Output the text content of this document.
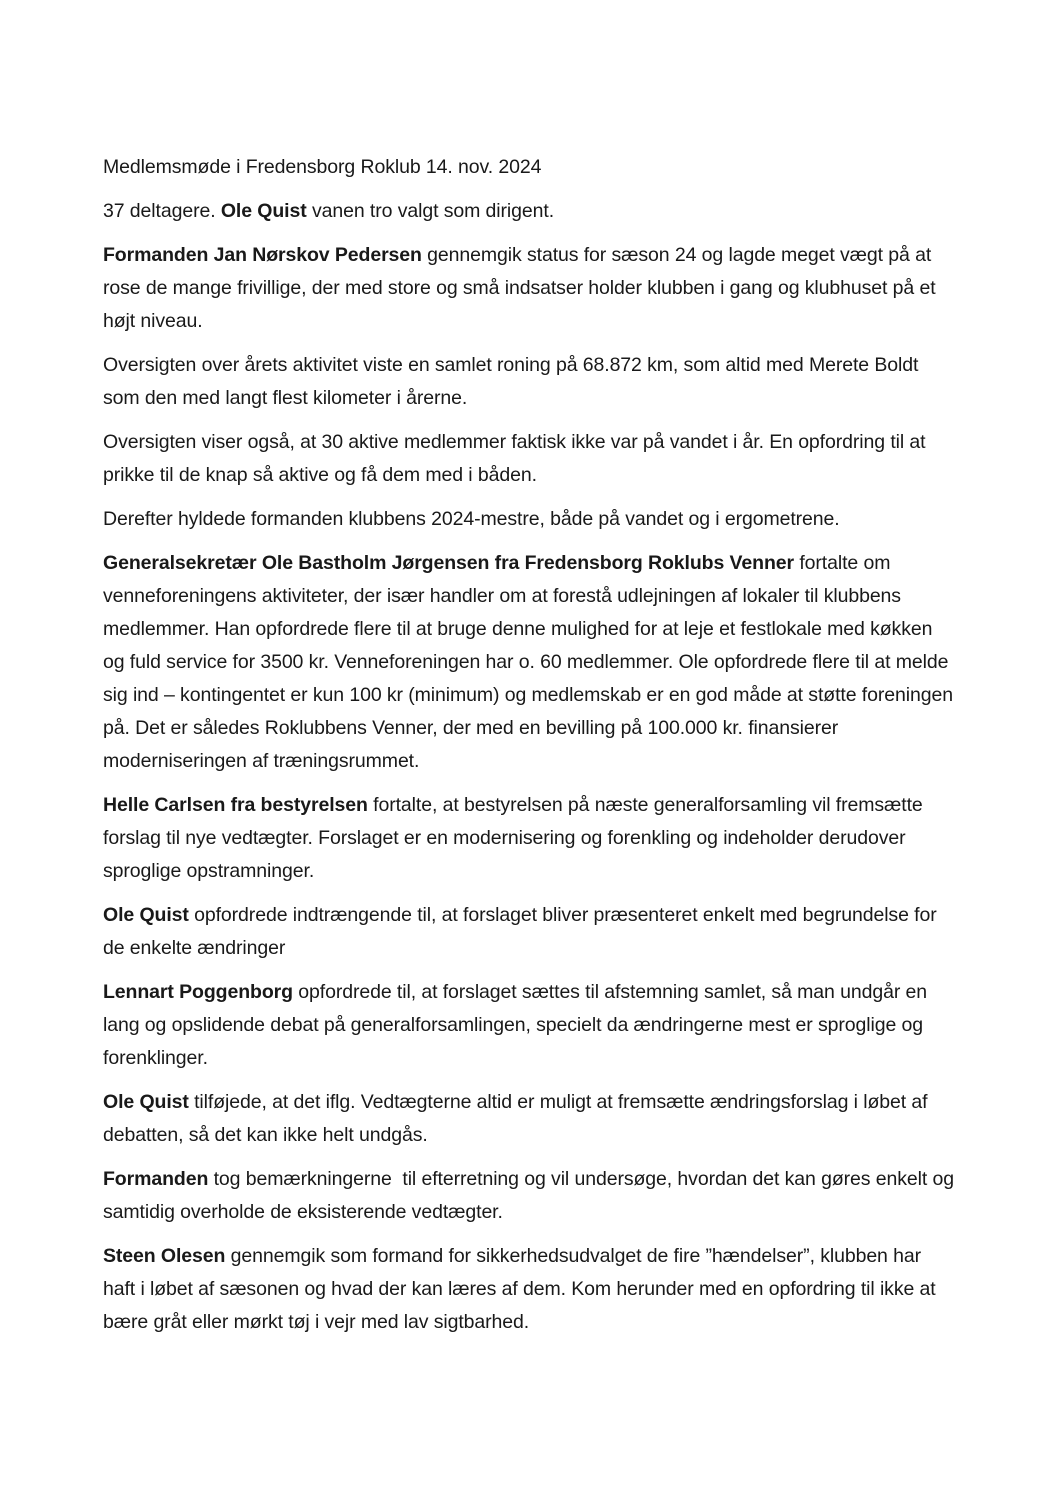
Medlemsmøde i Fredensborg Roklub 14. nov. 2024

37 deltagere. Ole Quist vanen tro valgt som dirigent.

Formanden Jan Nørskov Pedersen gennemgik status for sæson 24 og lagde meget vægt på at rose de mange frivillige, der med store og små indsatser holder klubben i gang og klubhuset på et højt niveau.

Oversigten over årets aktivitet viste en samlet roning på 68.872 km, som altid med Merete Boldt som den med langt flest kilometer i årerne.

Oversigten viser også, at 30 aktive medlemmer faktisk ikke var på vandet i år. En opfordring til at prikke til de knap så aktive og få dem med i båden.

Derefter hyldede formanden klubbens 2024-mestre, både på vandet og i ergometrene.

Generalsekretær Ole Bastholm Jørgensen fra Fredensborg Roklubs Venner fortalte om venneforeningens aktiviteter, der især handler om at forestå udlejningen af lokaler til klubbens medlemmer. Han opfordrede flere til at bruge denne mulighed for at leje et festlokale med køkken og fuld service for 3500 kr. Venneforeningen har o. 60 medlemmer. Ole opfordrede flere til at melde sig ind – kontingentet er kun 100 kr (minimum) og medlemskab er en god måde at støtte foreningen på. Det er således Roklubbens Venner, der med en bevilling på 100.000 kr. finansierer moderniseringen af træningsrummet.

Helle Carlsen fra bestyrelsen fortalte, at bestyrelsen på næste generalforsamling vil fremsætte forslag til nye vedtægter. Forslaget er en modernisering og forenkling og indeholder derudover sproglige opstramninger.

Ole Quist opfordrede indtrængende til, at forslaget bliver præsenteret enkelt med begrundelse for de enkelte ændringer

Lennart Poggenborg opfordrede til, at forslaget sættes til afstemning samlet, så man undgår en lang og opslidende debat på generalforsamlingen, specielt da ændringerne mest er sproglige og forenklinger.

Ole Quist tilføjede, at det iflg. Vedtægterne altid er muligt at fremsætte ændringsforslag i løbet af debatten, så det kan ikke helt undgås.

Formanden tog bemærkningerne  til efterretning og vil undersøge, hvordan det kan gøres enkelt og samtidig overholde de eksisterende vedtægter.

Steen Olesen gennemgik som formand for sikkerhedsudvalget de fire ”hændelser”, klubben har haft i løbet af sæsonen og hvad der kan læres af dem. Kom herunder med en opfordring til ikke at bære gråt eller mørkt tøj i vejr med lav sigtbarhed.
